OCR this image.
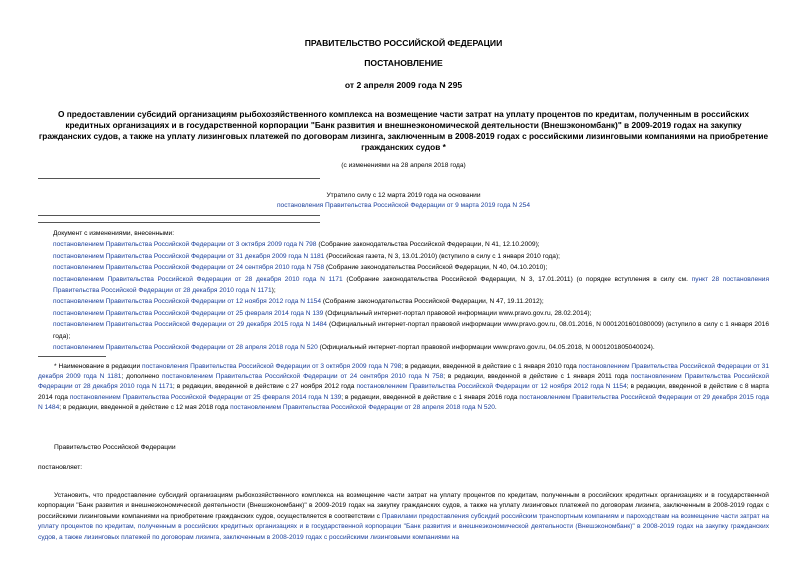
ПРАВИТЕЛЬСТВО РОССИЙСКОЙ ФЕДЕРАЦИИ
ПОСТАНОВЛЕНИЕ
от 2 апреля 2009 года N 295
О предоставлении субсидий организациям рыбохозяйственного комплекса на возмещение части затрат на уплату процентов по кредитам, полученным в российских кредитных организациях и в государственной корпорации "Банк развития и внешнеэкономической деятельности (Внешэкономбанк)" в 2009-2019 годах на закупку гражданских судов, а также на уплату лизинговых платежей по договорам лизинга, заключенным в 2008-2019 годах с российскими лизинговыми компаниями на приобретение гражданских судов *
(с изменениями на 28 апреля 2018 года)
Утратило силу с 12 марта 2019 года на основании
постановления Правительства Российской Федерации от 9 марта 2019 года N 254
Документ с изменениями, внесенными:
постановлением Правительства Российской Федерации от 3 октября 2009 года N 798 (Собрание законодательства Российской Федерации, N 41, 12.10.2009);
постановлением Правительства Российской Федерации от 31 декабря 2009 года N 1181 (Российская газета, N 3, 13.01.2010) (вступило в силу с 1 января 2010 года);
постановлением Правительства Российской Федерации от 24 сентября 2010 года N 758 (Собрание законодательства Российской Федерации, N 40, 04.10.2010);
постановлением Правительства Российской Федерации от 28 декабря 2010 года N 1171 (Собрание законодательства Российской Федерации, N 3, 17.01.2011) (о порядке вступления в силу см. пункт 28 постановления Правительства Российской Федерации от 28 декабря 2010 года N 1171);
постановлением Правительства Российской Федерации от 12 ноября 2012 года N 1154 (Собрание законодательства Российской Федерации, N 47, 19.11.2012);
постановлением Правительства Российской Федерации от 25 февраля 2014 года N 139 (Официальный интернет-портал правовой информации www.pravo.gov.ru, 28.02.2014);
постановлением Правительства Российской Федерации от 29 декабря 2015 года N 1484 (Официальный интернет-портал правовой информации www.pravo.gov.ru, 08.01.2016, N 0001201601080009) (вступило в силу с 1 января 2016 года);
постановлением Правительства Российской Федерации от 28 апреля 2018 года N 520 (Официальный интернет-портал правовой информации www.pravo.gov.ru, 04.05.2018, N 0001201805040024).
* Наименование в редакции постановления Правительства Российской Федерации от 3 октября 2009 года N 798; в редакции, введенной в действие с 1 января 2010 года постановлением Правительства Российской Федерации от 31 декабря 2009 года N 1181; дополнено постановлением Правительства Российской Федерации от 24 сентября 2010 года N 758; в редакции, введенной в действие с 1 января 2011 года постановлением Правительства Российской Федерации от 28 декабря 2010 года N 1171; в редакции, введенной в действие с 27 ноября 2012 года постановлением Правительства Российской Федерации от 12 ноября 2012 года N 1154; в редакции, введенной в действие с 8 марта 2014 года постановлением Правительства Российской Федерации от 25 февраля 2014 года N 139; в редакции, введенной в действие с 1 января 2016 года постановлением Правительства Российской Федерации от 29 декабря 2015 года N 1484; в редакции, введенной в действие с 12 мая 2018 года постановлением Правительства Российской Федерации от 28 апреля 2018 года N 520.
Правительство Российской Федерации
постановляет:
Установить, что предоставление субсидий организациям рыбохозяйственного комплекса на возмещение части затрат на уплату процентов по кредитам, полученным в российских кредитных организациях и в государственной корпорации "Банк развития и внешнеэкономической деятельности (Внешэкономбанк)" в 2009-2019 годах на закупку гражданских судов, а также на уплату лизинговых платежей по договорам лизинга, заключенным в 2008-2019 годах с российскими лизинговыми компаниями на приобретение гражданских судов, осуществляется в соответствии с Правилами предоставления субсидий российским транспортным компаниям и пароходствам на возмещение части затрат на уплату процентов по кредитам, полученным в российских кредитных организациях и в государственной корпорации "Банк развития и внешнеэкономической деятельности (Внешэкономбанк)" в 2008-2019 годах на закупку гражданских судов, а также лизинговых платежей по договорам лизинга, заключенным в 2008-2019 годах с российскими лизинговыми компаниями на
